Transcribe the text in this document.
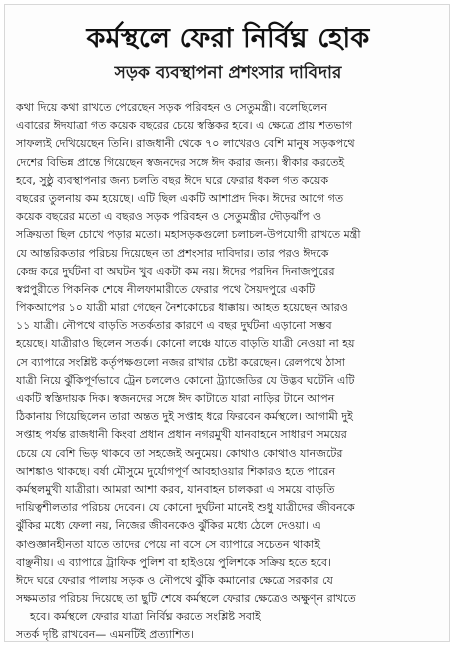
কর্মস্থলে ফেরা নির্বিঘ্ন হোক
সড়ক ব্যবস্থাপনা প্রশংসার দাবিদার
কথা দিয়ে কথা রাখতে পেরেছেন সড়ক পরিবহন ও সেতুমন্ত্রী। বলেছিলেন
এবারের ঈদযাত্রা গত কয়েক বছরের চেয়ে স্বস্তিকর হবে। এ ক্ষেত্রে প্রায় শতভাগ
সাফল্যই দেখিয়েছেন তিনি। রাজধানী থেকে ৭০ লাখেরও বেশি মানুষ সড়কপথে
দেশের বিভিন্ন প্রান্তে গিয়েছেন স্বজনদের সঙ্গে ঈদ করার জন্য। স্বীকার করতেই
হবে, সুষ্ঠু ব্যবস্থাপনার জন্য চলতি বছর ঈদে ঘরে ফেরার ধকল গত কয়েক
বছরের তুলনায় কম হয়েছে। এটি ছিল একটি আশাপ্রদ দিক। ঈদের আগে গত
কয়েক বছরের মতো এ বছরও সড়ক পরিবহন ও সেতুমন্ত্রীর দৌড়ঝাঁপ ও
সক্রিয়তা ছিল চোখে পড়ার মতো। মহাসড়কগুলো চলাচল-উপযোগী রাখতে মন্ত্রী
যে আন্তরিকতার পরিচয় দিয়েছেন তা প্রশংসার দাবিদার। তার পরও ঈদকে
কেন্দ্র করে দুর্ঘটনা বা অঘটন খুব একটা কম নয়। ঈদের পরদিন দিনাজপুরের
স্বপ্নপুরীতে পিকনিক শেষে নীলফামারীতে ফেরার পথে সৈয়দপুরে একটি
পিকআপের ১০ যাত্রী মারা গেছেন নৈশকোচের ধাক্কায়। আহত হয়েছেন আরও
১১ যাত্রী। নৌপথে বাড়তি সতর্কতার কারণে এ বছর দুর্ঘটনা এড়ানো সম্ভব
হয়েছে। যাত্রীরাও ছিলেন সতর্ক। কোনো লঞ্চে যাতে বাড়তি যাত্রী নেওয়া না হয়
সে ব্যাপারে সংশ্লিষ্ট কর্তৃপক্ষগুলো নজর রাখার চেষ্টা করেছেন। রেলপথে ঠাসা
যাত্রী নিয়ে ঝুঁকিপূর্ণভাবে ট্রেন চললেও কোনো ট্র্যাজেডির যে উদ্ভব ঘটেনি এটি
একটি স্বস্তিদায়ক দিক। স্বজনদের সঙ্গে ঈদ কাটাতে যারা নাড়ির টানে আপন
ঠিকানায় গিয়েছিলেন তারা অন্তত দুই সপ্তাহ ধরে ফিরবেন কর্মস্থলে। আগামী দুই
সপ্তাহ পর্যন্ত রাজধানী কিংবা প্রধান প্রধান নগরমুখী যানবাহনে সাধারণ সময়ের
চেয়ে যে বেশি ভিড় থাকবে তা সহজেই অনুমেয়। কোথাও কোথাও যানজটের
আশঙ্কাও থাকছে। বর্ষা মৌসুমে দুর্যোগপূর্ণ আবহাওয়ার শিকারও হতে পারেন
কর্মস্থলমুখী যাত্রীরা। আমরা আশা করব, যানবাহন চালকরা এ সময়ে বাড়তি
দায়িত্বশীলতার পরিচয় দেবেন। যে কোনো দুর্ঘটনা মানেই শুধু যাত্রীদের জীবনকে
ঝুঁকির মধ্যে ফেলা নয়, নিজের জীবনকেও ঝুঁকির মধ্যে ঠেলে দেওয়া। এ
কাণ্ডজ্ঞানহীনতা যাতে তাদের পেয়ে না বসে সে ব্যাপারে সচেতন থাকাই
বাঞ্ছনীয়। এ ব্যাপারে ট্রাফিক পুলিশ বা হাইওয়ে পুলিশকে সক্রিয় হতে হবে।
ঈদে ঘরে ফেরার পালায় সড়ক ও নৌপথে ঝুঁকি কমানোর ক্ষেত্রে সরকার যে
সক্ষমতার পরিচয় দিয়েছে তা ছুটি শেষে কর্মস্থলে ফেরার ক্ষেত্রেও অক্ষুণ্ন রাখতে
হবে। কর্মস্থলে ফেরার যাত্রা নির্বিঘ্ন করতে সংশ্লিষ্ট সবাই
সতর্ক দৃষ্টি রাখবেন— এমনটিই প্রত্যাশিত।
